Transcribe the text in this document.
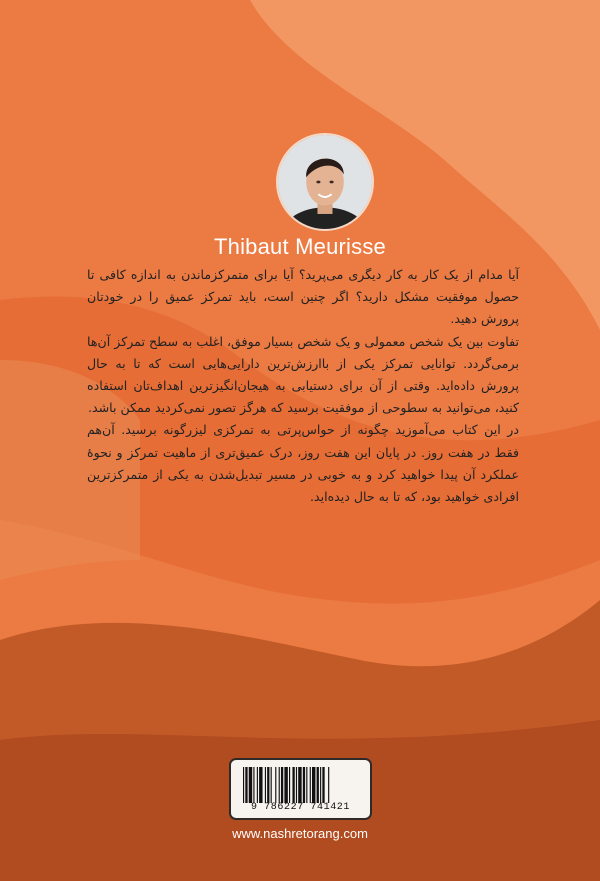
Thibaut Meurisse

آیا مدام از یک کار به کار دیگری می‌پرید؟ آیا برای متمرکزماندن به اندازه کافی تا حصول موفقیت مشکل دارید؟ اگر چنین است، باید تمرکز عمیق را در خودتان پرورش دهید.

تفاوت بین یک شخص معمولی و یک شخص بسیار موفق، اغلب به سطح تمرکز آن‌ها برمی‌گردد. توانایی تمرکز یکی از باارزش‌ترین دارایی‌هایی است که تا به حال پرورش داده‌اید. وقتی از آن برای دستیابی به هیجان‌انگیزترین اهداف‌تان استفاده کنید، می‌توانید به سطوحی از موفقیت برسید که هرگز تصور نمی‌کردید ممکن باشد.

در این کتاب می‌آموزید چگونه از حواس‌پرتی به تمرکزی لیزرگونه برسید. آن‌هم فقط در هفت روز. در پایان این هفت روز، درک عمیق‌تری از ماهیت تمرکز و نحوهٔ عملکرد آن پیدا خواهید کرد و به خوبی در مسیر تبدیل‌شدن به یکی از متمرکزترین افرادی خواهید بود، که تا به حال دیده‌اید.

9 786227 741421
www.nashretorang.com
